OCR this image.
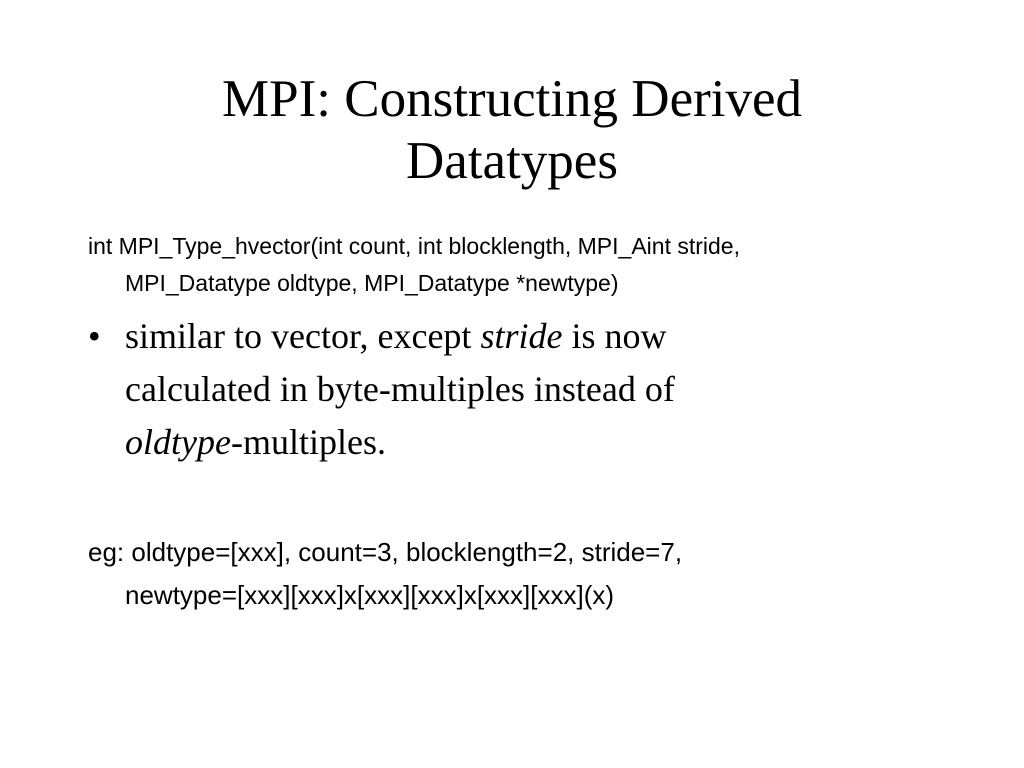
MPI: Constructing Derived
Datatypes
int MPI_Type_hvector(int count, int blocklength, MPI_Aint stride,
MPI_Datatype oldtype, MPI_Datatype *newtype)
• similar to vector, except stride is now
calculated in byte-multiples instead of
oldtype-multiples.
eg: oldtype=[xxx], count=3, blocklength=2, stride=7,
newtype=[xxx][xxx]x[xxx][xxx]x[xxx][xxx](x)
